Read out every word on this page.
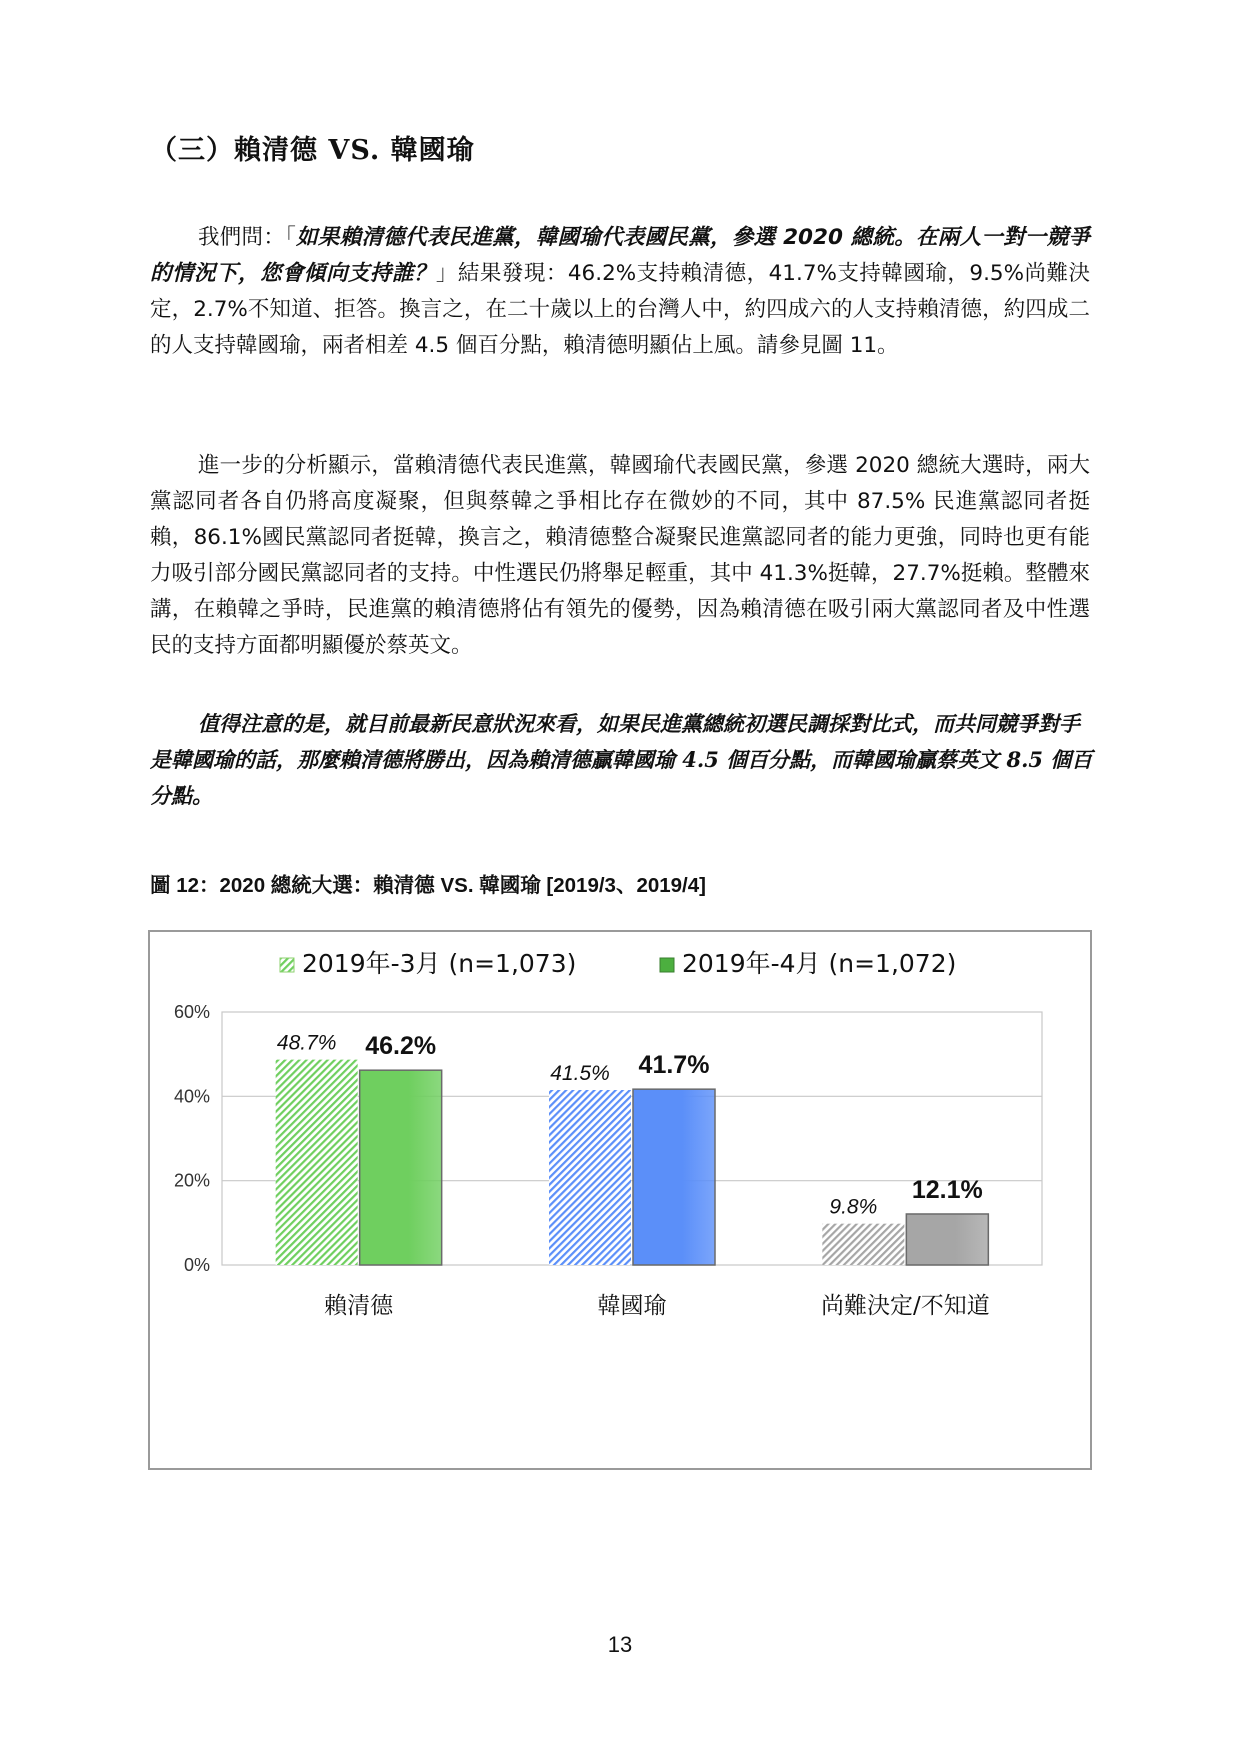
（三）賴清德 VS. 韓國瑜

我們問：「如果賴清德代表民進黨，韓國瑜代表國民黨，參選 2020 總統。在兩人一對一競爭的情況下，您會傾向支持誰？」結果發現：46.2%支持賴清德，41.7%支持韓國瑜，9.5%尚難決定，2.7%不知道、拒答。換言之，在二十歲以上的台灣人中，約四成六的人支持賴清德，約四成二的人支持韓國瑜，兩者相差 4.5 個百分點，賴清德明顯佔上風。請參見圖 11。

進一步的分析顯示，當賴清德代表民進黨，韓國瑜代表國民黨，參選 2020 總統大選時，兩大黨認同者各自仍將高度凝聚，但與蔡韓之爭相比存在微妙的不同，其中 87.5% 民進黨認同者挺賴，86.1%國民黨認同者挺韓，換言之，賴清德整合凝聚民進黨認同者的能力更強，同時也更有能力吸引部分國民黨認同者的支持。中性選民仍將舉足輕重，其中 41.3%挺韓，27.7%挺賴。整體來講，在賴韓之爭時，民進黨的賴清德將佔有領先的優勢，因為賴清德在吸引兩大黨認同者及中性選民的支持方面都明顯優於蔡英文。

值得注意的是，就目前最新民意狀況來看，如果民進黨總統初選民調採對比式，而共同競爭對手是韓國瑜的話，那麼賴清德將勝出，因為賴清德贏韓國瑜 4.5 個百分點，而韓國瑜贏蔡英文 8.5 個百分點。

圖 12：2020 總統大選：賴清德 VS. 韓國瑜 [2019/3、2019/4]
0%
20%
40%
60%
48.7% 46.2%
賴清德
41.5% 41.7%
韓國瑜
9.8%
12.1%
尚難決定/不知道
2019年-3月 (n=1,073)	2019年-4月 (n=1,072)
13
